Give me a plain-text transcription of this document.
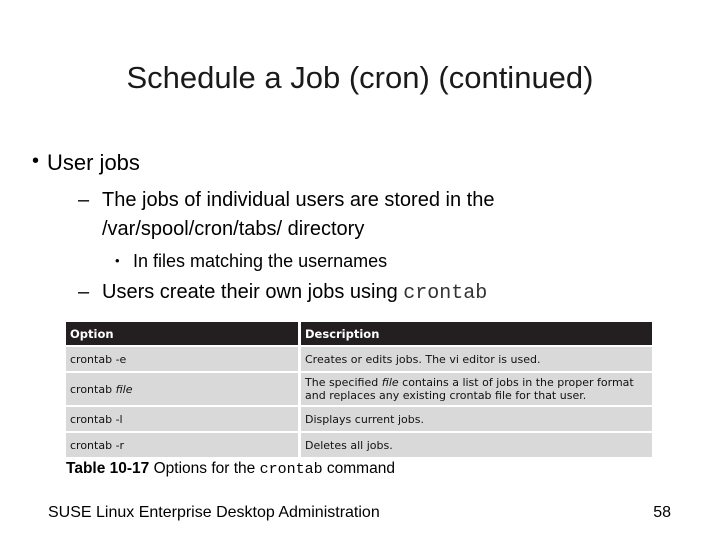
Schedule a Job (cron) (continued)
• User jobs
– The jobs of individual users are stored in the
/var/spool/cron/tabs/ directory
• In files matching the usernames
– Users create their own jobs using crontab
Option	Description
crontab -e	Creates or edits jobs. The vi editor is used.
crontab file	The specified file contains a list of jobs in the proper format and replaces any existing crontab file for that user.
crontab -l	Displays current jobs.
crontab -r	Deletes all jobs.
Table 10-17 Options for the crontab command
SUSE Linux Enterprise Desktop Administration	58
